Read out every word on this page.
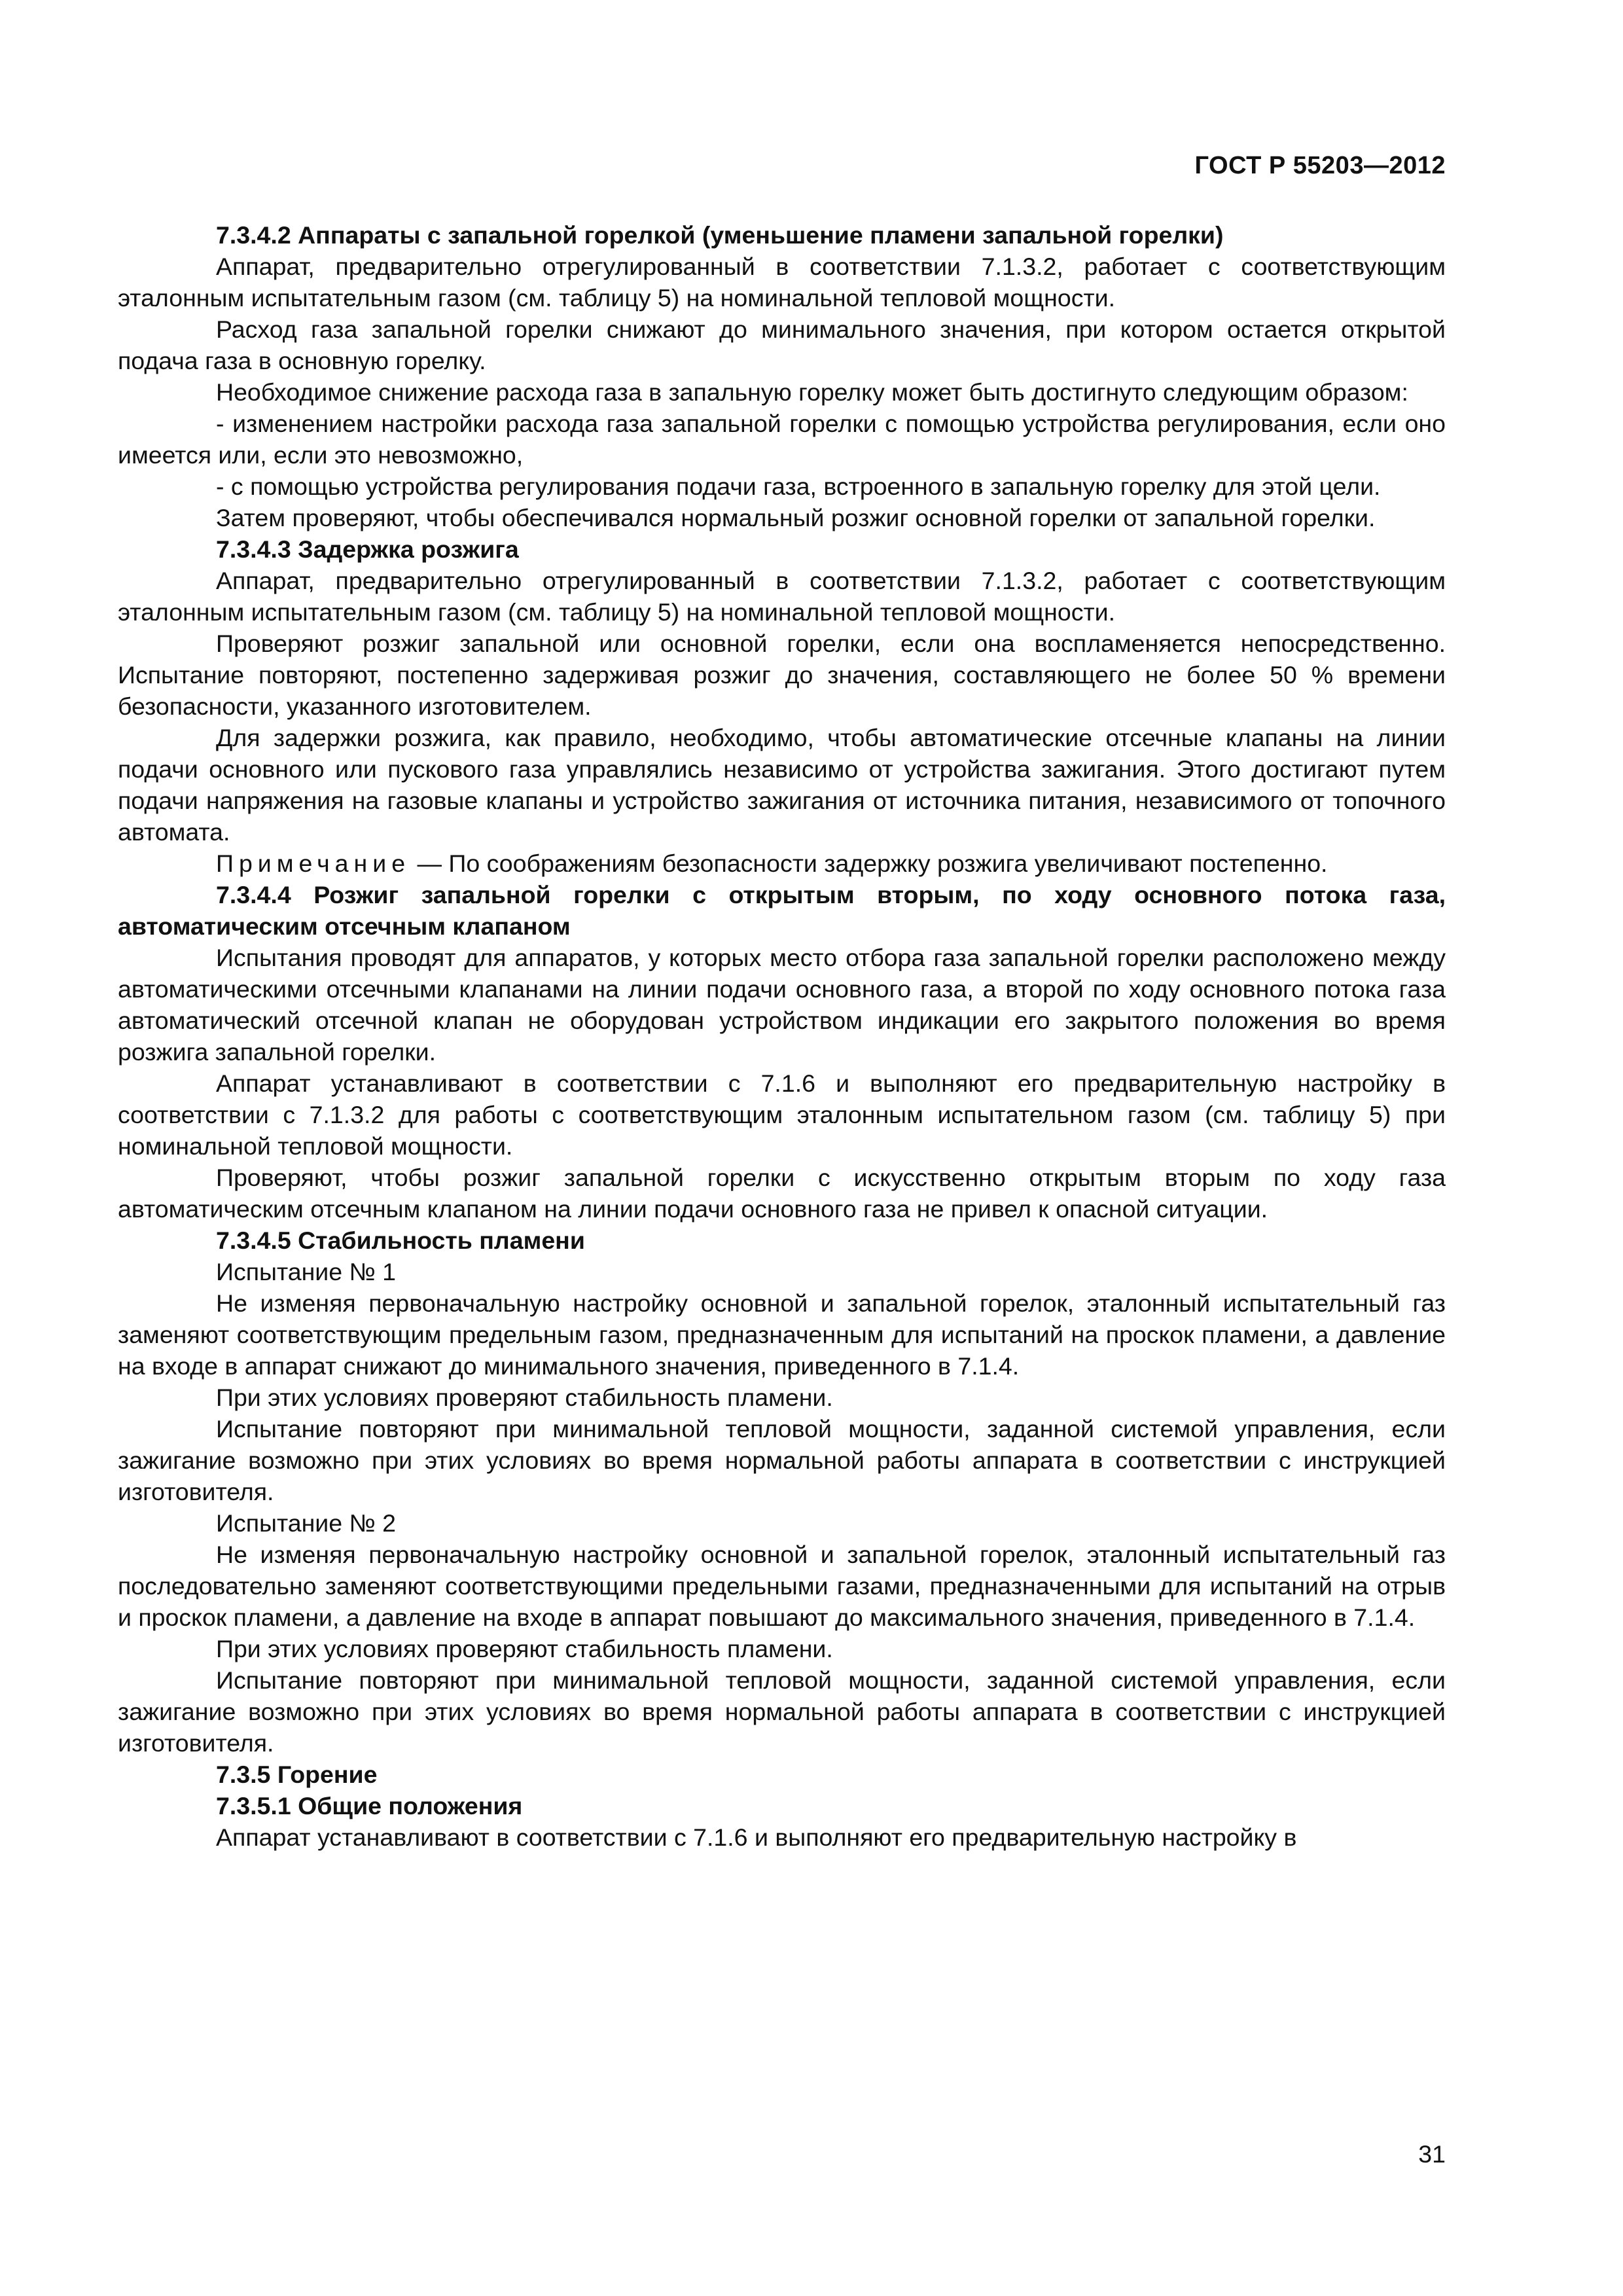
ГОСТ Р 55203—2012

7.3.4.2 Аппараты с запальной горелкой (уменьшение пламени запальной горелки)

Аппарат, предварительно отрегулированный в соответствии 7.1.3.2, работает с соответствующим эталонным испытательным газом (см. таблицу 5) на номинальной тепловой мощности.

Расход газа запальной горелки снижают до минимального значения, при котором остается открытой подача газа в основную горелку.

Необходимое снижение расхода газа в запальную горелку может быть достигнуто следующим образом:

- изменением настройки расхода газа запальной горелки с помощью устройства регулирования, если оно имеется или, если это невозможно,

- с помощью устройства регулирования подачи газа, встроенного в запальную горелку для этой цели.

Затем проверяют, чтобы обеспечивался нормальный розжиг основной горелки от запальной горелки.

7.3.4.3 Задержка розжига

Аппарат, предварительно отрегулированный в соответствии 7.1.3.2, работает с соответствующим эталонным испытательным газом (см. таблицу 5) на номинальной тепловой мощности.

Проверяют розжиг запальной или основной горелки, если она воспламеняется непосредственно. Испытание повторяют, постепенно задерживая розжиг до значения, составляющего не более 50 % времени безопасности, указанного изготовителем.

Для задержки розжига, как правило, необходимо, чтобы автоматические отсечные клапаны на линии подачи основного или пускового газа управлялись независимо от устройства зажигания. Этого достигают путем подачи напряжения на газовые клапаны и устройство зажигания от источника питания, независимого от топочного автомата.

Примечание — По соображениям безопасности задержку розжига увеличивают постепенно.

7.3.4.4 Розжиг запальной горелки с открытым вторым, по ходу основного потока газа, автоматическим отсечным клапаном

Испытания проводят для аппаратов, у которых место отбора газа запальной горелки расположено между автоматическими отсечными клапанами на линии подачи основного газа, а второй по ходу основного потока газа автоматический отсечной клапан не оборудован устройством индикации его закрытого положения во время розжига запальной горелки.

Аппарат устанавливают в соответствии с 7.1.6 и выполняют его предварительную настройку в соответствии с 7.1.3.2 для работы с соответствующим эталонным испытательном газом (см. таблицу 5) при номинальной тепловой мощности.

Проверяют, чтобы розжиг запальной горелки с искусственно открытым вторым по ходу газа автоматическим отсечным клапаном на линии подачи основного газа не привел к опасной ситуации.

7.3.4.5 Стабильность пламени

Испытание № 1

Не изменяя первоначальную настройку основной и запальной горелок, эталонный испытательный газ заменяют соответствующим предельным газом, предназначенным для испытаний на проскок пламени, а давление на входе в аппарат снижают до минимального значения, приведенного в 7.1.4.

При этих условиях проверяют стабильность пламени.

Испытание повторяют при минимальной тепловой мощности, заданной системой управления, если зажигание возможно при этих условиях во время нормальной работы аппарата в соответствии с инструкцией изготовителя.

Испытание № 2

Не изменяя первоначальную настройку основной и запальной горелок, эталонный испытательный газ последовательно заменяют соответствующими предельными газами, предназначенными для испытаний на отрыв и проскок пламени, а давление на входе в аппарат повышают до максимального значения, приведенного в 7.1.4.

При этих условиях проверяют стабильность пламени.

Испытание повторяют при минимальной тепловой мощности, заданной системой управления, если зажигание возможно при этих условиях во время нормальной работы аппарата в соответствии с инструкцией изготовителя.

7.3.5 Горение

7.3.5.1 Общие положения

Аппарат устанавливают в соответствии с 7.1.6 и выполняют его предварительную настройку в

31
